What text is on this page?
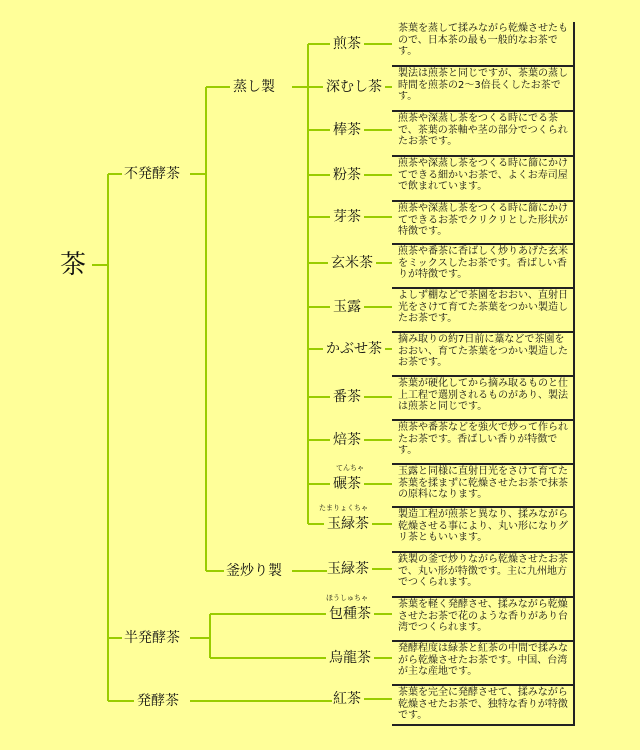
茶
不発酵茶
半発酵茶
発酵茶
蒸し製
釜炒り製
煎茶
茶葉を蒸して揉みながら乾燥させたもので、日本茶の最も一般的なお茶です。
深むし茶
製法は煎茶と同じですが、茶葉の蒸し時間を煎茶の2～3倍長くしたお茶です。
棒茶
煎茶や深蒸し茶をつくる時にでる茶で、茶葉の茶軸や茎の部分でつくられたお茶です。
粉茶
煎茶や深蒸し茶をつくる時に篩にかけてできる細かいお茶で、よくお寿司屋で飲まれています。
芽茶
煎茶や深蒸し茶をつくる時に篩にかけてできるお茶でクリクリとした形状が特徴です。
玄米茶
煎茶や番茶に香ばしく炒りあげた玄米をミックスしたお茶です。香ばしい香りが特徴です。
玉露
よしず棚などで茶園をおおい、直射日光をさけて育てた茶葉をつかい製造したお茶です。
かぶせ茶
摘み取りの約7日前に藁などで茶園をおおい、育てた茶葉をつかい製造したお茶です。
番茶
茶葉が硬化してから摘み取るものと仕上工程で選別されるものがあり、製法は煎茶と同じです。
焙茶
煎茶や番茶などを強火で炒って作られたお茶です。香ばしい香りが特徴です。
碾茶
てんちゃ	玉露と同様に直射日光をさけて育てた茶葉を揉まずに乾燥させたお茶で抹茶の原料になります。
玉緑茶
たまりょくちゃ
製造工程が煎茶と異なり、揉みながら乾燥させる事により、丸い形になりグリ茶ともいいます。
玉緑茶
鉄製の釜で炒りながら乾燥させたお茶で、丸い形が特徴です。主に九州地方でつくられます。
包種茶
ほうしゅちゃ
茶葉を軽く発酵させ、揉みながら乾燥させたお茶で花のような香りがあり台湾でつくられます。
烏龍茶
発酵程度は緑茶と紅茶の中間で揉みながら乾燥させたお茶です。中国、台湾が主な産地です。
紅茶	茶葉を完全に発酵させて、揉みながら乾燥させたお茶で、独特な香りが特徴です。
